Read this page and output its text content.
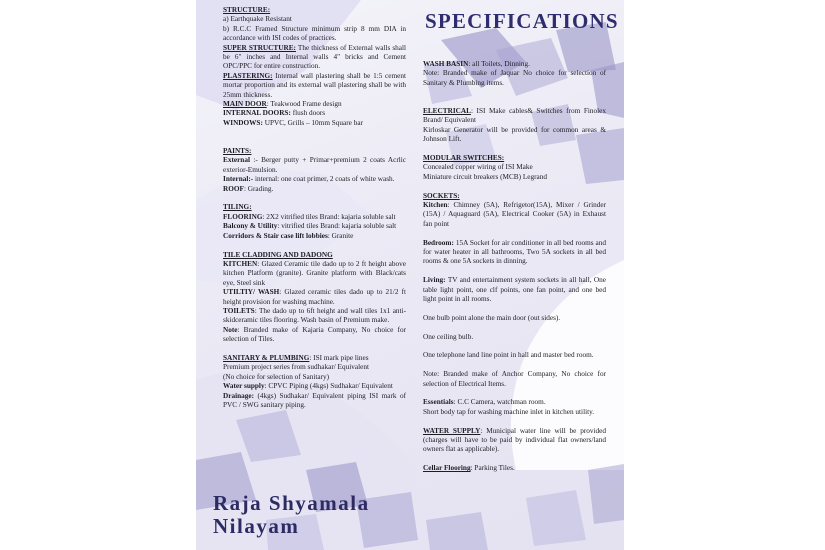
SPECIFICATIONS

STRUCTURE:

a) Earthquake Resistant

b) R.C.C Framed Structure minimum strip 8 mm DIA in accordance with ISI codes of practices.

SUPER STRUCTURE: The thickness of External walls shall be 6" inches and Internal walls 4" bricks and Cement OPC/PPC for entire construction.

PLASTERING: Internal wall plastering shall be 1:5 cement mortar proportion and its external wall plastering shall be with 25mm thickness.

MAIN DOOR: Teakwood Frame design

INTERNAL DOORS: flush doors

WINDOWS: UPVC, Grills – 10mm Square bar

PAINTS:

External :- Berger putty + Primar+premium 2 coats Acrlic exterior-Emulsion.

Internal:- internal: one coat primer, 2 coats of white wash.

ROOF: Grading.

TILING:

FLOORING: 2X2 vitrified tiles Brand: kajaria soluble salt

Balcony & Utility: vitrified tiles Brand: kajaria soluble salt

Corridors & Stair case lift lobbies: Granite

TILE CLADDING AND DADONG

KITCHEN: Glazed Ceramic tile dado up to 2 ft height above kitchen Platform (granite). Granite platform with Black/cats eye, Steel sink

UTILTIY/ WASH: Glazed ceramic tiles dado up to 21/2 ft height provision for washing machine.

TOILETS: The dado up to 6ft height and wall tiles 1x1 anti-skidceramic tiles flooring. Wash basin of Premium make.

Note: Branded make of Kajaria Company, No choice for selection of Tiles.

SANITARY & PLUMBING: ISI mark pipe lines

Premium project series from sudhakar/ Equivalent

(No choice for selection of Sanitary)

Water supply: CPVC Piping (4kgs) Sudhakar/ Equivalent

Drainage: (4kgs) Sudhakar/ Equivalent piping ISI mark of PVC / SWG sanitary piping.

WASH BASIN: all Toilets, Dinning.

Note: Branded make of Jaquar No choice for selection of Sanitary & Plumbing items.

ELECTRICAL: ISI Make cables& Switches from Finolex Brand/ Equivalent

Kirloskar Generator will be provided for common areas & Johnson Lift.

MODULAR SWITCHES:

Concealed copper wiring of ISI Make

Miniature circuit breakers (MCB) Legrand

SOCKETS:

Kitchen: Chimney (5A), Refrigetor(15A), Mixer / Grinder (15A) / Aquaguard (5A), Electrical Cooker (5A) in Exhaust fan point

Bedroom: 15A Socket for air conditioner in all bed rooms and for water heater in all bathrooms, Two 5A sockets in all bed rooms & one 5A sockets in dinning.

Living: TV and entertainment system sockets in all hall, One table light point, one clf points, one fan point, and one bed light point in all rooms.

One bulb point alone the main door (out sides).

One ceiling bulb.

One telephone land line point in hall and master bed room.

Note: Branded make of Anchor Company, No choice for selection of Electrical Items.

Essentials: C.C Camera, watchman room.

Short body tap for washing machine inlet in kitchen utility.

WATER SUPPLY: Municipal water line will be provided (charges will have to be paid by individual flat owners/land owners flat as applicable).

Cellar Flooring: Parking Tiles.

Raja Shyamala
Nilayam
